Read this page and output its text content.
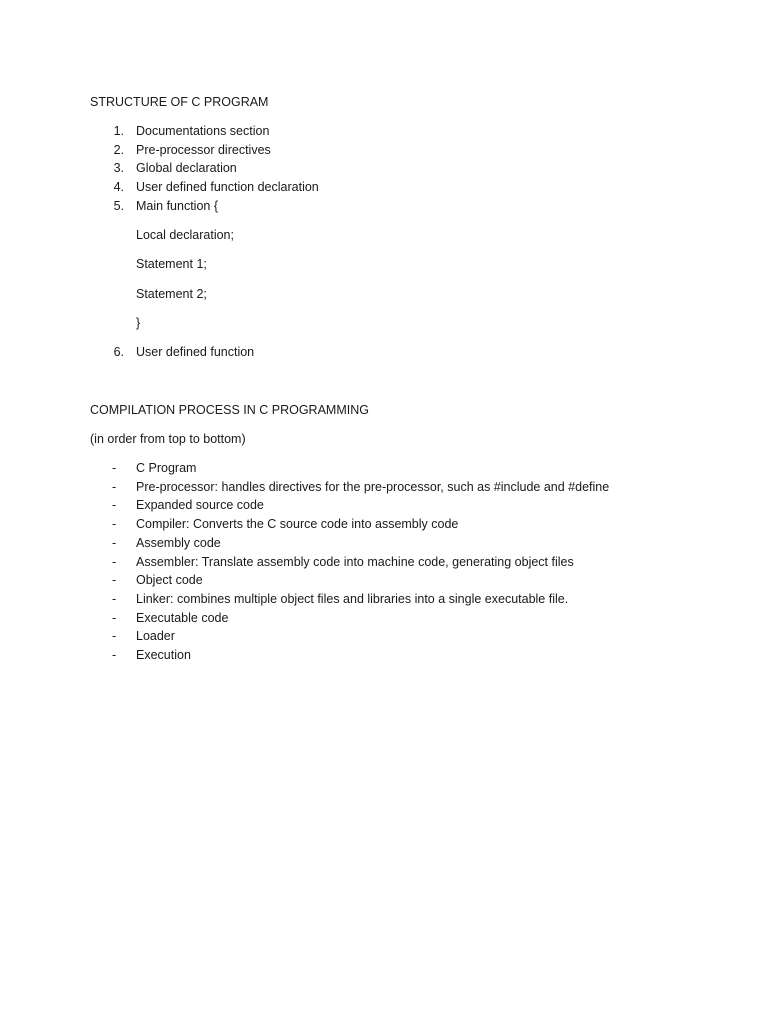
STRUCTURE OF C PROGRAM
1. Documentations section
2. Pre-processor directives
3. Global declaration
4. User defined function declaration
5. Main function {
Local declaration;
Statement 1;
Statement 2;
}
6. User defined function
COMPILATION PROCESS IN C PROGRAMMING
(in order from top to bottom)
-	C Program
-	Pre-processor: handles directives for the pre-processor, such as #include and #define
-	Expanded source code
-	Compiler: Converts the C source code into assembly code
-	Assembly code
-	Assembler: Translate assembly code into machine code, generating object files
-	Object code
-	Linker: combines multiple object files and libraries into a single executable file.
-	Executable code
-	Loader
-	Execution
